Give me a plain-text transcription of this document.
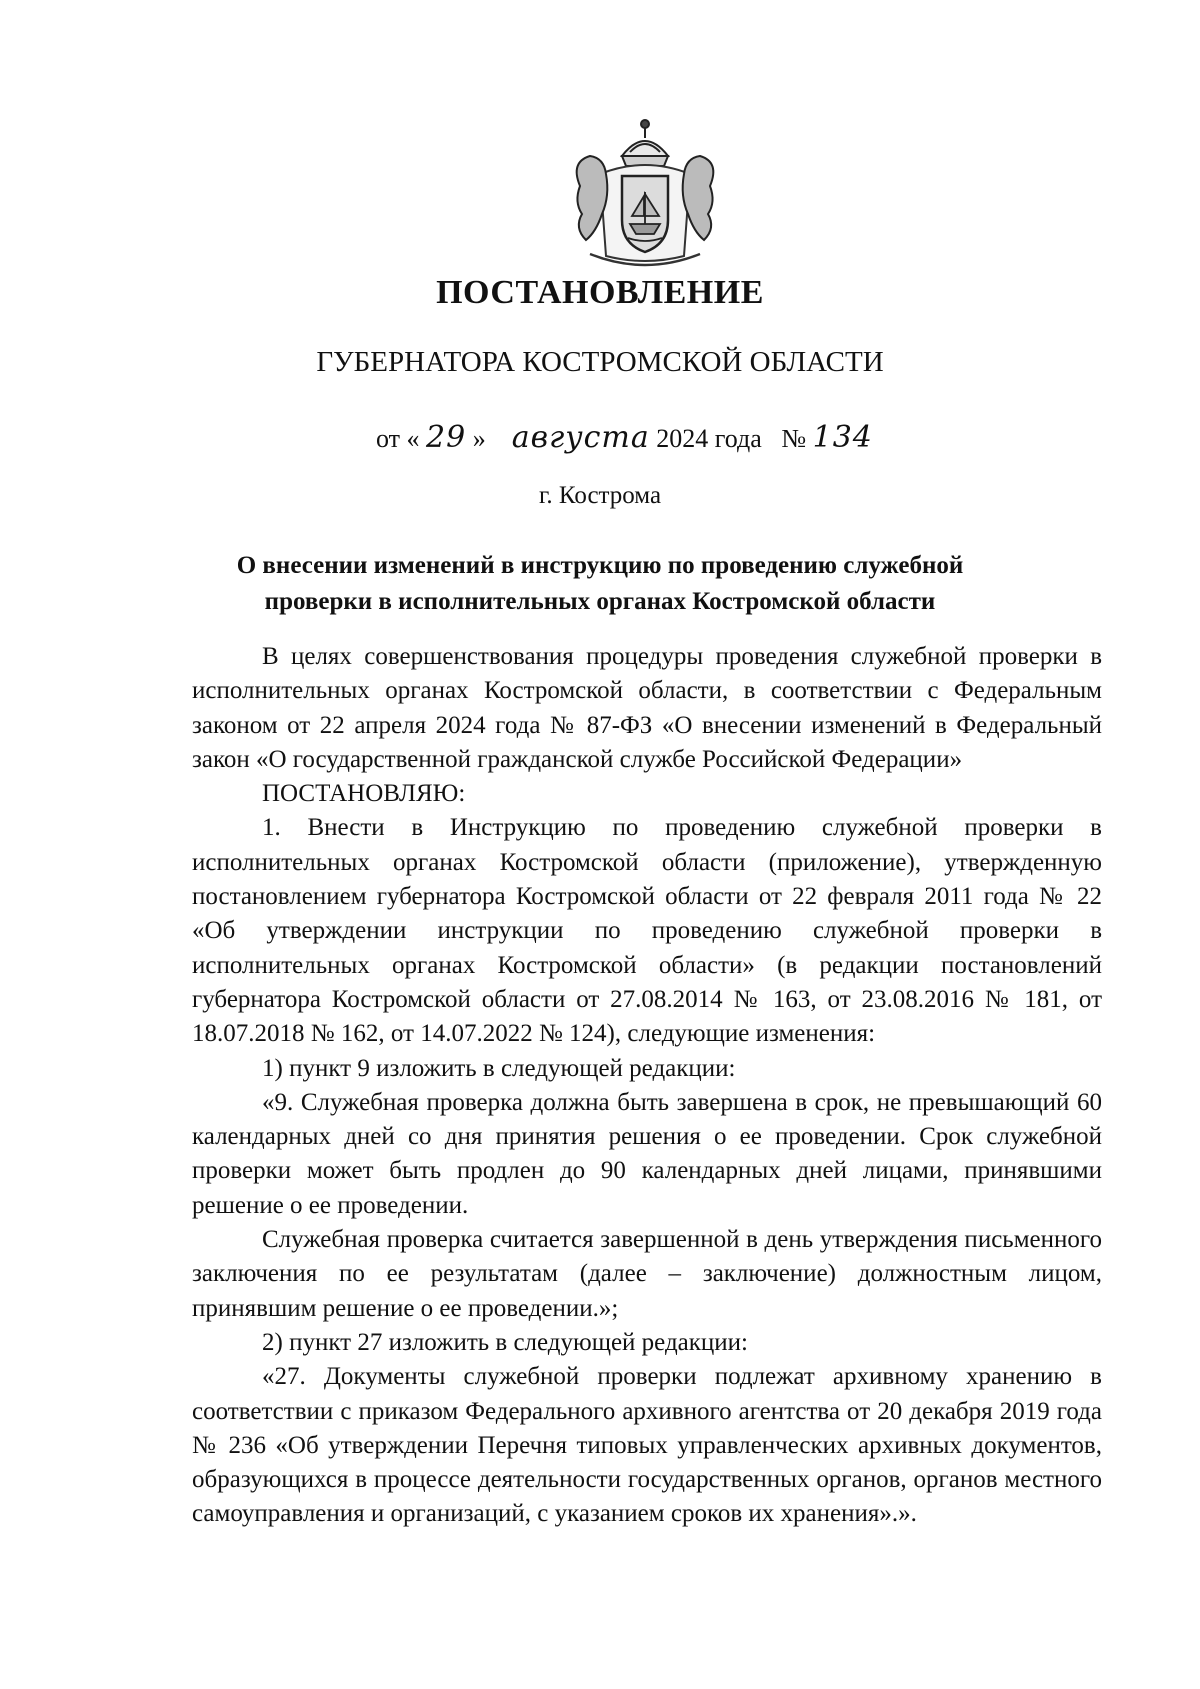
ПОСТАНОВЛЕНИЕ
ГУБЕРНАТОРА КОСТРОМСКОЙ ОБЛАСТИ
от « 29 » августа 2024 года № 134
г. Кострома
О внесении изменений в инструкцию по проведению служебной
проверки в исполнительных органах Костромской области

В целях совершенствования процедуры проведения служебной проверки в исполнительных органах Костромской области, в соответствии с Федеральным законом от 22 апреля 2024 года № 87-ФЗ «О внесении изменений в Федеральный закон «О государственной гражданской службе Российской Федерации»

ПОСТАНОВЛЯЮ:

1. Внести в Инструкцию по проведению служебной проверки в исполнительных органах Костромской области (приложение), утвержденную постановлением губернатора Костромской области от 22 февраля 2011 года № 22 «Об утверждении инструкции по проведению служебной проверки в исполнительных органах Костромской области» (в редакции постановлений губернатора Костромской области от 27.08.2014 № 163, от 23.08.2016 № 181, от 18.07.2018 № 162, от 14.07.2022 № 124), следующие изменения:

1) пункт 9 изложить в следующей редакции:

«9. Служебная проверка должна быть завершена в срок, не превышающий 60 календарных дней со дня принятия решения о ее проведении. Срок служебной проверки может быть продлен до 90 календарных дней лицами, принявшими решение о ее проведении.

Служебная проверка считается завершенной в день утверждения письменного заключения по ее результатам (далее – заключение) должностным лицом, принявшим решение о ее проведении.»;

2) пункт 27 изложить в следующей редакции:

«27. Документы служебной проверки подлежат архивному хранению в соответствии с приказом Федерального архивного агентства от 20 декабря 2019 года № 236 «Об утверждении Перечня типовых управленческих архивных документов, образующихся в процессе деятельности государственных органов, органов местного самоуправления и организаций, с указанием сроков их хранения».».
